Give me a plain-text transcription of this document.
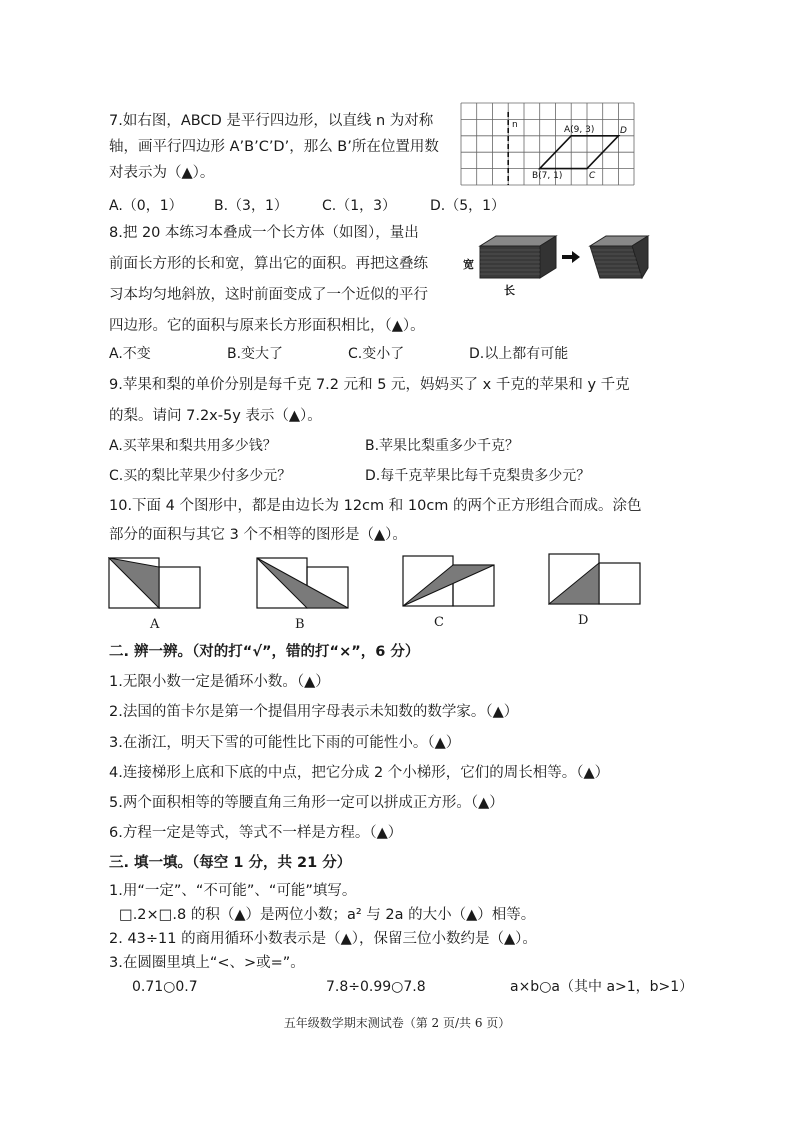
7.如右图，ABCD 是平行四边形，以直线 n 为对称
轴，画平行四边形 A’B’C’D’，那么 B’所在位置用数
对表示为（▲）。
A.（0，1） B.（3，1） C.（1，3） D.（5，1）
n	A(9, 3)	D
B(7, 1)	C
8.把 20 本练习本叠成一个长方体（如图），量出
前面长方形的长和宽，算出它的面积。再把这叠练
习本均匀地斜放，这时前面变成了一个近似的平行
四边形。它的面积与原来长方形面积相比，（▲）。
A.不变	B.变大了	C.变小了	D.以上都有可能
宽
长
9.苹果和梨的单价分别是每千克 7.2 元和 5 元，妈妈买了 x 千克的苹果和 y 千克
的梨。请问 7.2x-5y 表示（▲）。
A.买苹果和梨共用多少钱？	B.苹果比梨重多少千克？
C.买的梨比苹果少付多少元？	D.每千克苹果比每千克梨贵多少元？
10.下面 4 个图形中，都是由边长为 12cm 和 10cm 的两个正方形组合而成。涂色
部分的面积与其它 3 个不相等的图形是（▲）。
A	B	C	D
二. 辨一辨。（对的打“√”，错的打“×”，6 分）
1.无限小数一定是循环小数。（▲）
2.法国的笛卡尔是第一个提倡用字母表示未知数的数学家。（▲）
3.在浙江，明天下雪的可能性比下雨的可能性小。（▲）
4.连接梯形上底和下底的中点，把它分成 2 个小梯形，它们的周长相等。（▲）
5.两个面积相等的等腰直角三角形一定可以拼成正方形。（▲）
6.方程一定是等式，等式不一样是方程。（▲）
三. 填一填。（每空 1 分，共 21 分）
1.用“一定”、“不可能”、“可能”填写。
□.2×□.8 的积（▲）是两位小数；a² 与 2a 的大小（▲）相等。
2. 43÷11 的商用循环小数表示是（▲），保留三位小数约是（▲）。
3.在圆圈里填上“<、>或=”。
0.71○0.7̇	7.8÷0.99○7.8	a×b○a（其中 a>1，b>1）
五年级数学期末测试卷（第 2 页/共 6 页）
